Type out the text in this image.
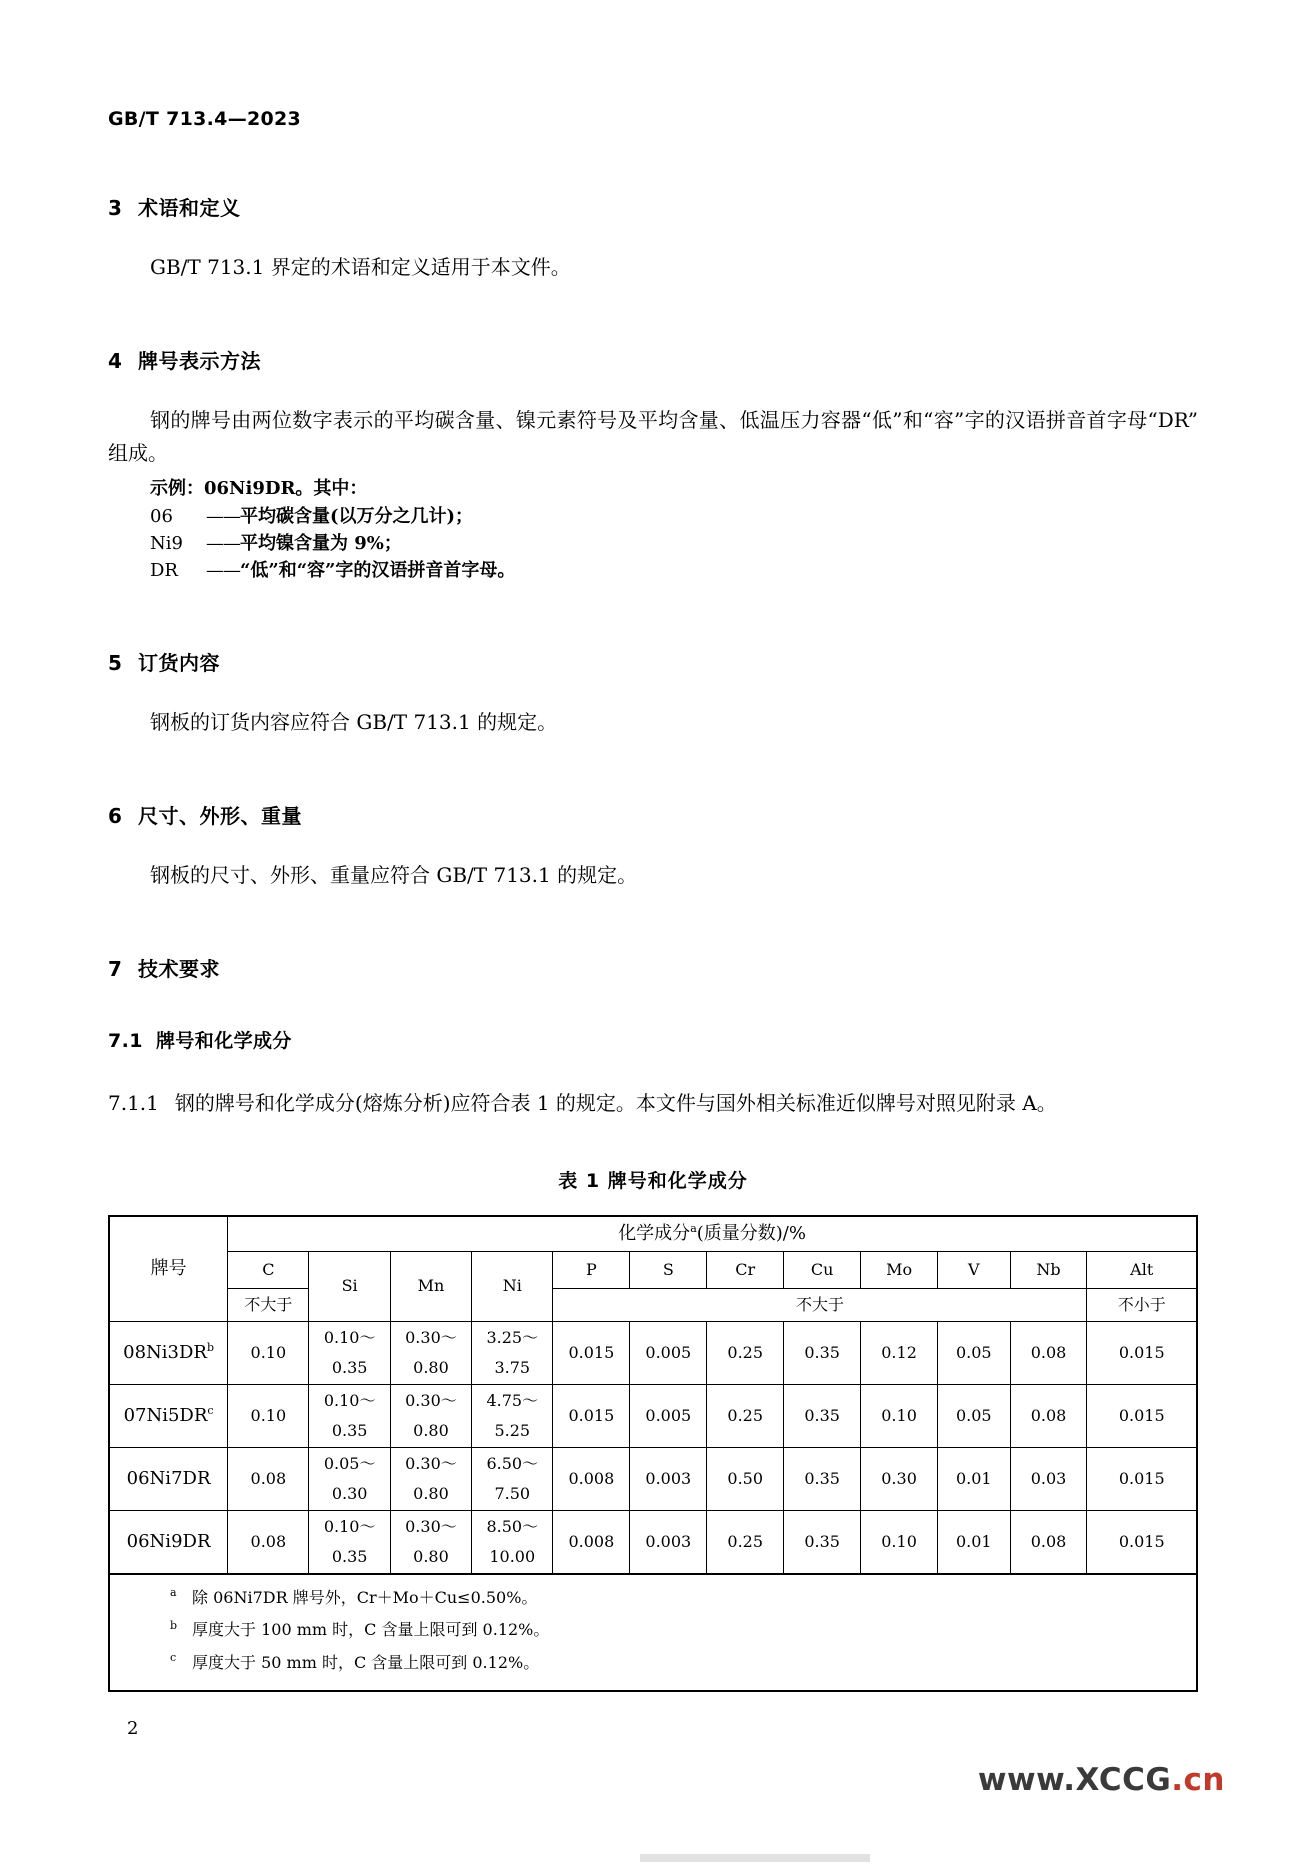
GB/T 713.4—2023
3 术语和定义

GB/T 713.1 界定的术语和定义适用于本文件。

4 牌号表示方法

钢的牌号由两位数字表示的平均碳含量、镍元素符号及平均含量、低温压力容器“低”和“容”字的汉语拼音首字母“DR”组成。

示例：06Ni9DR。其中：
06 ——平均碳含量(以万分之几计)；
Ni9 ——平均镍含量为 9%；
DR ——“低”和“容”字的汉语拼音首字母。
5 订货内容

钢板的订货内容应符合 GB/T 713.1 的规定。

6 尺寸、外形、重量

钢板的尺寸、外形、重量应符合 GB/T 713.1 的规定。

7 技术要求
7.1 牌号和化学成分

7.1.1 钢的牌号和化学成分(熔炼分析)应符合表 1 的规定。本文件与国外相关标准近似牌号对照见附录 A。

表 1 牌号和化学成分
牌号	化学成分$^a$(质量分数)/%											
	C	Si	Mn	Ni	P	S	Cr	Cu	Mo	V	Nb	Alt
	不大于				不大于							不小于
08Ni3DR$^b$	0.10	0.10～
0.35	0.30～
0.80	3.25～
3.75	0.015	0.005	0.25	0.35	0.12	0.05	0.08	0.015
07Ni5DR$^c$	0.10	0.10～
0.35	0.30～
0.80	4.75～
5.25	0.015	0.005	0.25	0.35	0.10	0.05	0.08	0.015
06Ni7DR	0.08	0.05～
0.30	0.30～
0.80	6.50～
7.50	0.008	0.003	0.50	0.35	0.30	0.01	0.03	0.015
06Ni9DR	0.08	0.10～
0.35	0.30～
0.80	8.50～
10.00	0.008	0.003	0.25	0.35	0.10	0.01	0.08	0.015
a 除 06Ni7DR 牌号外，Cr＋Mo＋Cu≤0.50%。
b 厚度大于 100 mm 时，C 含量上限可到 0.12%。
c 厚度大于 50 mm 时，C 含量上限可到 0.12%。
2
www.XCCG.cn
